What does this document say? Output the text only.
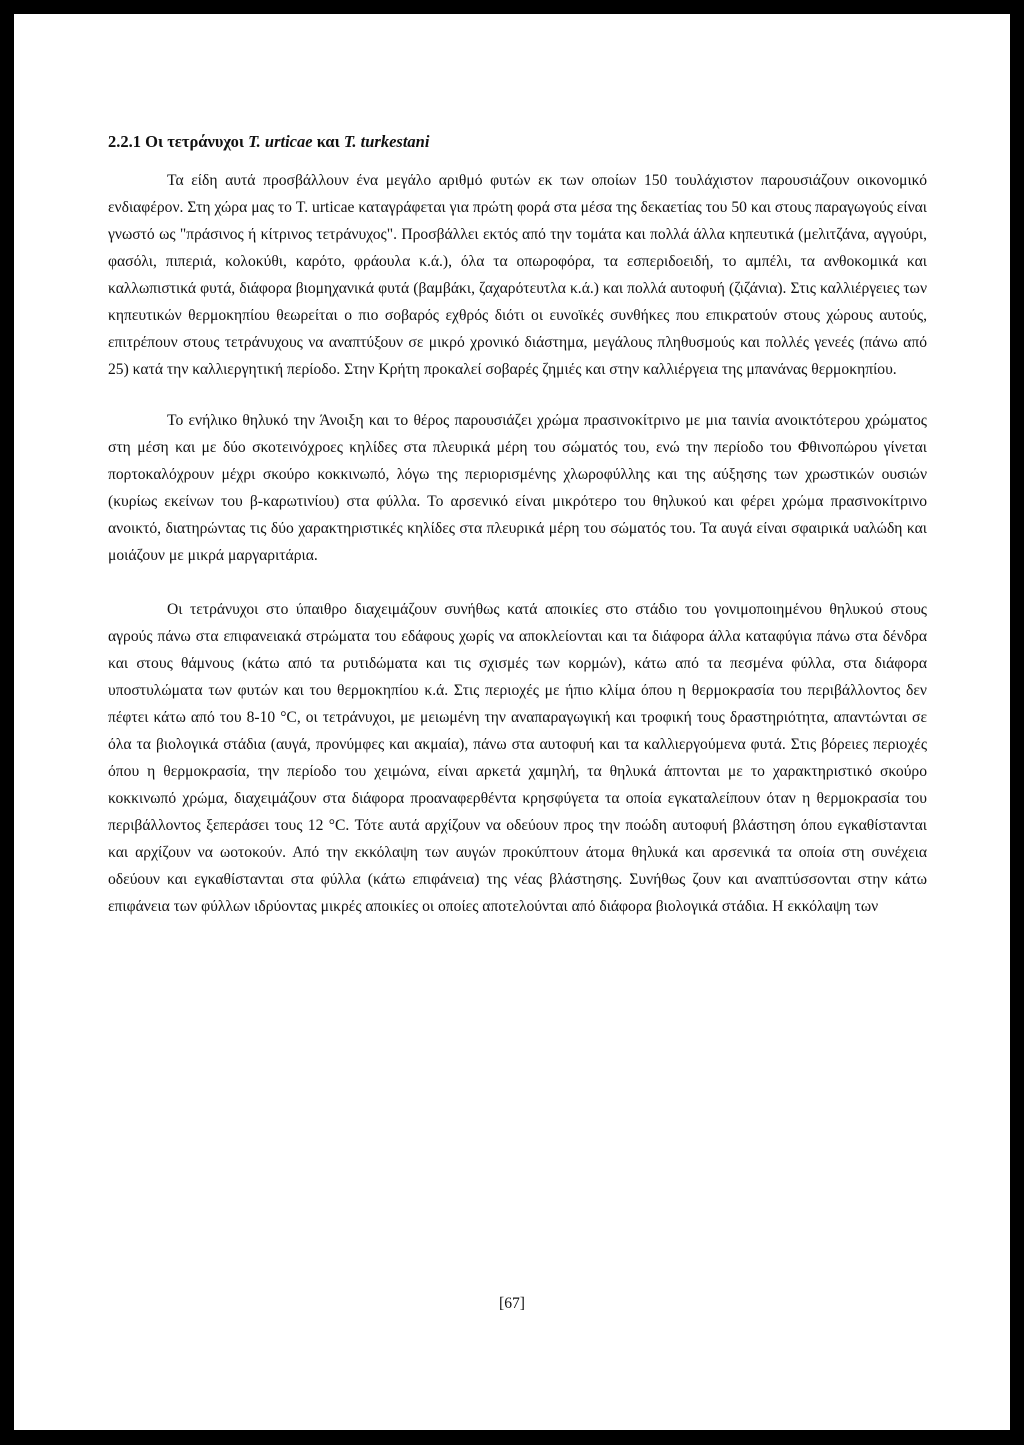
2.2.1 Οι τετράνυχοι T. urticae και T. turkestani

Τα είδη αυτά προσβάλλουν ένα μεγάλο αριθμό φυτών εκ των οποίων 150 τουλάχιστον παρουσιάζουν οικονομικό ενδιαφέρον. Στη χώρα μας το T. urticae καταγράφεται για πρώτη φορά στα μέσα της δεκαετίας του 50 και στους παραγωγούς είναι γνωστό ως "πράσινος ή κίτρινος τετράνυχος". Προσβάλλει εκτός από την τομάτα και πολλά άλλα κηπευτικά (μελιτζάνα, αγγούρι, φασόλι, πιπεριά, κολοκύθι, καρότο, φράουλα κ.ά.), όλα τα οπωροφόρα, τα εσπεριδοειδή, το αμπέλι, τα ανθοκομικά και καλλωπιστικά φυτά, διάφορα βιομηχανικά φυτά (βαμβάκι, ζαχαρότευτλα κ.ά.) και πολλά αυτοφυή (ζιζάνια). Στις καλλιέργειες των κηπευτικών θερμοκηπίου θεωρείται ο πιο σοβαρός εχθρός διότι οι ευνοϊκές συνθήκες που επικρατούν στους χώρους αυτούς, επιτρέπουν στους τετράνυχους να αναπτύξουν σε μικρό χρονικό διάστημα, μεγάλους πληθυσμούς και πολλές γενεές (πάνω από 25) κατά την καλλιεργητική περίοδο. Στην Κρήτη προκαλεί σοβαρές ζημιές και στην καλλιέργεια της μπανάνας θερμοκηπίου.

Το ενήλικο θηλυκό την Άνοιξη και το θέρος παρουσιάζει χρώμα πρασινοκίτρινο με μια ταινία ανοικτότερου χρώματος στη μέση και με δύο σκοτεινόχροες κηλίδες στα πλευρικά μέρη του σώματός του, ενώ την περίοδο του Φθινοπώρου γίνεται πορτοκαλόχρουν μέχρι σκούρο κοκκινωπό, λόγω της περιορισμένης χλωροφύλλης και της αύξησης των χρωστικών ουσιών (κυρίως εκείνων του β-καρωτινίου) στα φύλλα. Το αρσενικό είναι μικρότερο του θηλυκού και φέρει χρώμα πρασινοκίτρινο ανοικτό, διατηρώντας τις δύο χαρακτηριστικές κηλίδες στα πλευρικά μέρη του σώματός του. Τα αυγά είναι σφαιρικά υαλώδη και μοιάζουν με μικρά μαργαριτάρια.

Οι τετράνυχοι στο ύπαιθρο διαχειμάζουν συνήθως κατά αποικίες στο στάδιο του γονιμοποιημένου θηλυκού στους αγρούς πάνω στα επιφανειακά στρώματα του εδάφους χωρίς να αποκλείονται και τα διάφορα άλλα καταφύγια πάνω στα δένδρα και στους θάμνους (κάτω από τα ρυτιδώματα και τις σχισμές των κορμών), κάτω από τα πεσμένα φύλλα, στα διάφορα υποστυλώματα των φυτών και του θερμοκηπίου κ.ά. Στις περιοχές με ήπιο κλίμα όπου η θερμοκρασία του περιβάλλοντος δεν πέφτει κάτω από του 8-10 °C, οι τετράνυχοι, με μειωμένη την αναπαραγωγική και τροφική τους δραστηριότητα, απαντώνται σε όλα τα βιολογικά στάδια (αυγά, προνύμφες και ακμαία), πάνω στα αυτοφυή και τα καλλιεργούμενα φυτά. Στις βόρειες περιοχές όπου η θερμοκρασία, την περίοδο του χειμώνα, είναι αρκετά χαμηλή, τα θηλυκά άπτονται με το χαρακτηριστικό σκούρο κοκκινωπό χρώμα, διαχειμάζουν στα διάφορα προαναφερθέντα κρησφύγετα τα οποία εγκαταλείπουν όταν η θερμοκρασία του περιβάλλοντος ξεπεράσει τους 12 °C. Τότε αυτά αρχίζουν να οδεύουν προς την ποώδη αυτοφυή βλάστηση όπου εγκαθίστανται και αρχίζουν να ωοτοκούν. Από την εκκόλαψη των αυγών προκύπτουν άτομα θηλυκά και αρσενικά τα οποία στη συνέχεια οδεύουν και εγκαθίστανται στα φύλλα (κάτω επιφάνεια) της νέας βλάστησης. Συνήθως ζουν και αναπτύσσονται στην κάτω επιφάνεια των φύλλων ιδρύοντας μικρές αποικίες οι οποίες αποτελούνται από διάφορα βιολογικά στάδια. Η εκκόλαψη των

[67]
